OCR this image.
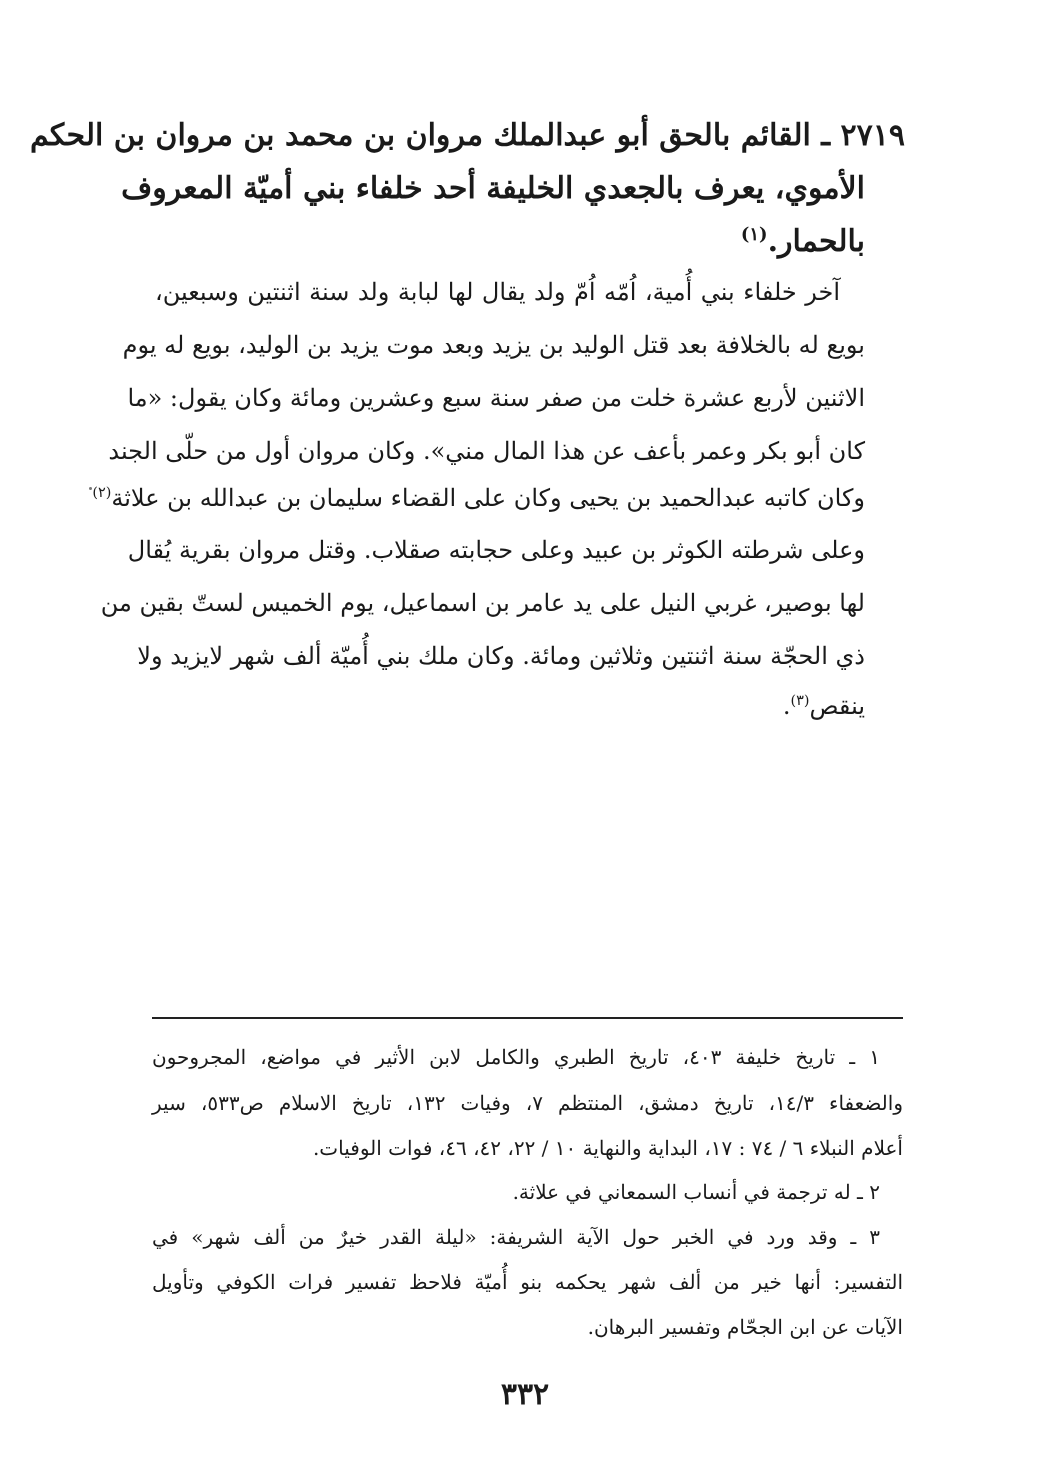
٢٧١٩ ـ القائم بالحق أبو عبدالملك مروان بن محمد بن مروان بن الحكم
الأموي، يعرف بالجعدي الخليفة أحد خلفاء بني أميّة المعروف
بالحمار.$^{(١)}$
آخر خلفاء بني أُمية، اُمّه اُمّ ولد يقال لها لبابة ولد سنة اثنتين وسبعين،
بويع له بالخلافة بعد قتل الوليد بن يزيد وبعد موت يزيد بن الوليد، بويع له يوم
الاثنين لأربع عشرة خلت من صفر سنة سبع وعشرين ومائة وكان يقول: «ما
كان أبو بكر وعمر بأعف عن هذا المال مني». وكان مروان أول من حلّى الجند
وكان كاتبه عبدالحميد بن يحيى وكان على القضاء سليمان بن عبدالله بن علاثة$^{(٢)}$
وعلى شرطته الكوثر بن عبيد وعلى حجابته صقلاب. وقتل مروان بقرية يُقال
لها بوصير، غربي النيل على يد عامر بن اسماعيل، يوم الخميس لستّ بقين من
ذي الحجّة سنة اثنتين وثلاثين ومائة. وكان ملك بني أُميّة ألف شهر لايزيد ولا
ينقص$^{(٣)}$.
١ ـ تاريخ خليفة ٤٠٣، تاريخ الطبري والكامل لابن الأثير في مواضع، المجروحون
والضعفاء ١٤/٣، تاريخ دمشق، المنتظم ٧، وفيات ١٣٢، تاريخ الاسلام ص٥٣٣، سير
أعلام النبلاء ٦ / ٧٤ : ١٧، البداية والنهاية ١٠ / ٢٢، ٤٢، ٤٦، فوات الوفيات.
٢ ـ له ترجمة في أنساب السمعاني في علاثة.
٣ ـ وقد ورد في الخبر حول الآية الشريفة: «ليلة القدر خيرٌ من ألف شهر» في
التفسير: أنها خير من ألف شهر يحكمه بنو أُميّة فلاحظ تفسير فرات الكوفي وتأويل
الآيات عن ابن الجحّام وتفسير البرهان.
٣٣٢
